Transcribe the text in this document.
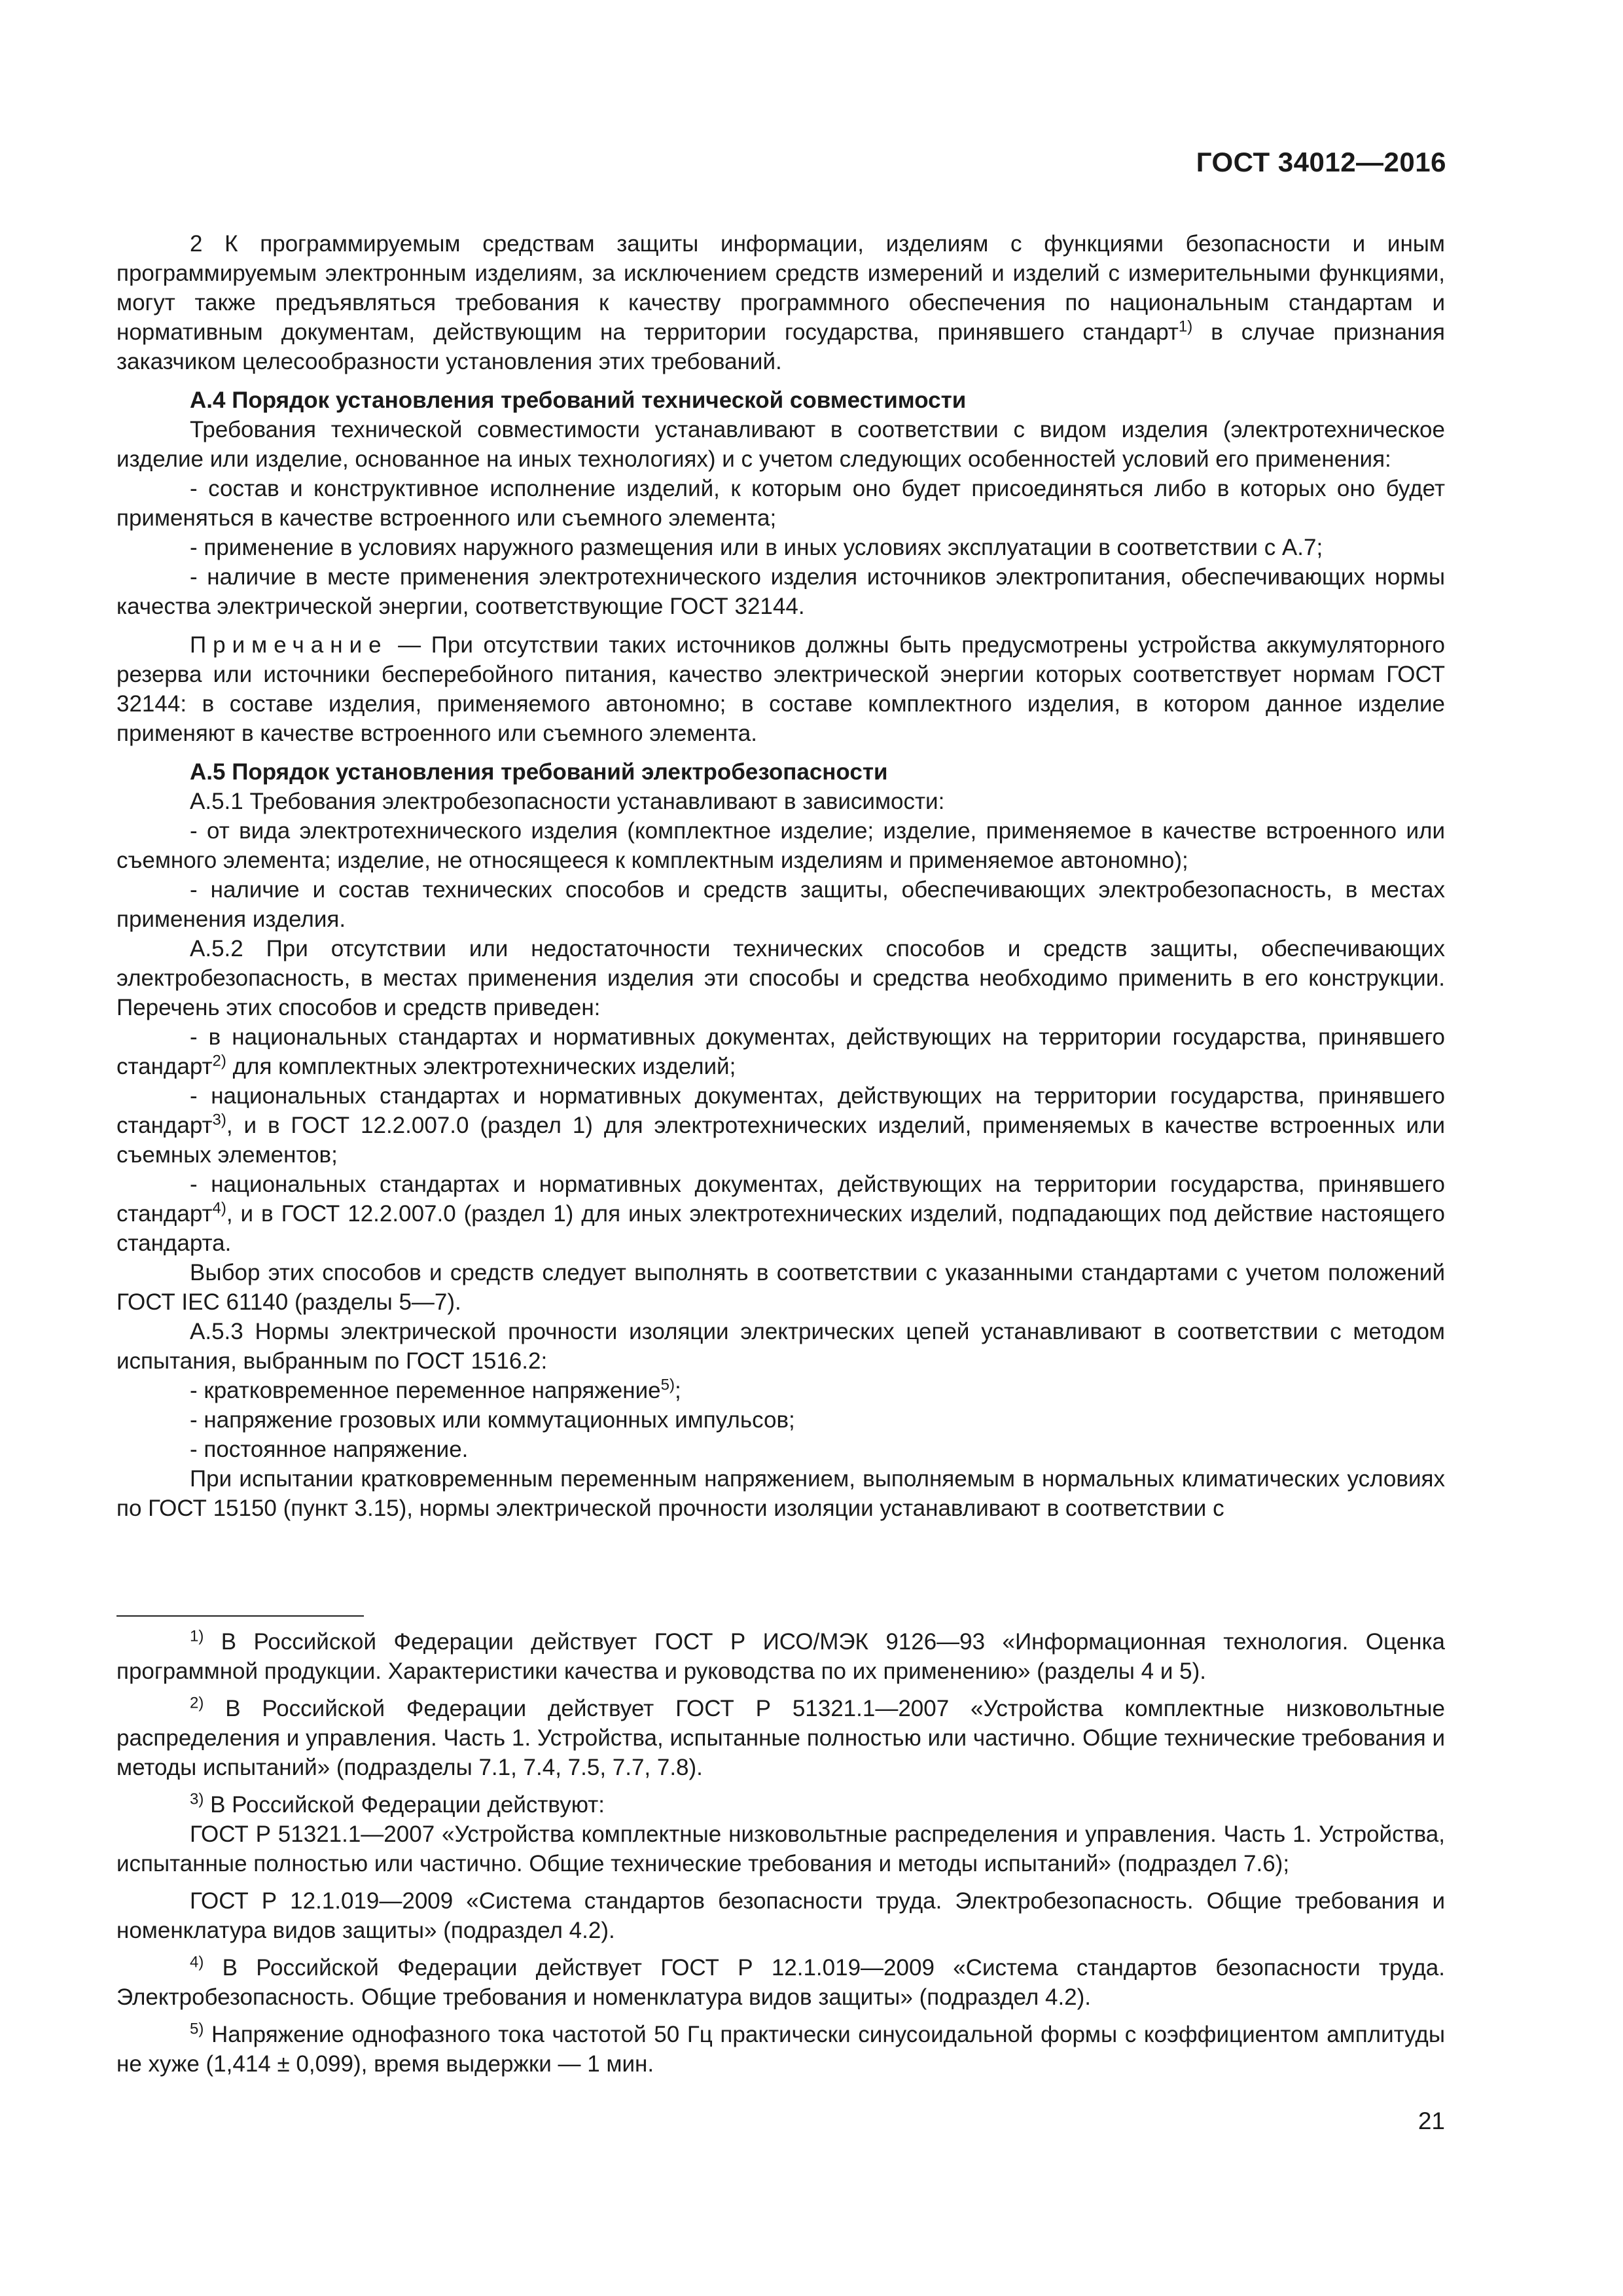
ГОСТ 34012—2016

2 К программируемым средствам защиты информации, изделиям с функциями безопасности и иным программируемым электронным изделиям, за исключением средств измерений и изделий с измерительными функциями, могут также предъявляться требования к качеству программного обеспечения по национальным стандартам и нормативным документам, действующим на территории государства, принявшего стандарт$^{1)}$ в случае признания заказчиком целесообразности установления этих требований.

А.4 Порядок установления требований технической совместимости

Требования технической совместимости устанавливают в соответствии с видом изделия (электротехническое изделие или изделие, основанное на иных технологиях) и с учетом следующих особенностей условий его применения:

- состав и конструктивное исполнение изделий, к которым оно будет присоединяться либо в которых оно будет применяться в качестве встроенного или съемного элемента;

- применение в условиях наружного размещения или в иных условиях эксплуатации в соответствии с А.7;

- наличие в месте применения электротехнического изделия источников электропитания, обеспечивающих нормы качества электрической энергии, соответствующие ГОСТ 32144.

Примечание — При отсутствии таких источников должны быть предусмотрены устройства аккумуляторного резерва или источники бесперебойного питания, качество электрической энергии которых соответствует нормам ГОСТ 32144: в составе изделия, применяемого автономно; в составе комплектного изделия, в котором данное изделие применяют в качестве встроенного или съемного элемента.

А.5 Порядок установления требований электробезопасности

А.5.1 Требования электробезопасности устанавливают в зависимости:

- от вида электротехнического изделия (комплектное изделие; изделие, применяемое в качестве встроенного или съемного элемента; изделие, не относящееся к комплектным изделиям и применяемое автономно);

- наличие и состав технических способов и средств защиты, обеспечивающих электробезопасность, в местах применения изделия.

А.5.2 При отсутствии или недостаточности технических способов и средств защиты, обеспечивающих электробезопасность, в местах применения изделия эти способы и средства необходимо применить в его конструкции. Перечень этих способов и средств приведен:

- в национальных стандартах и нормативных документах, действующих на территории государства, принявшего стандарт$^{2)}$ для комплектных электротехнических изделий;

- национальных стандартах и нормативных документах, действующих на территории государства, принявшего стандарт$^{3)}$, и в ГОСТ 12.2.007.0 (раздел 1) для электротехнических изделий, применяемых в качестве встроенных или съемных элементов;

- национальных стандартах и нормативных документах, действующих на территории государства, принявшего стандарт$^{4)}$, и в ГОСТ 12.2.007.0 (раздел 1) для иных электротехнических изделий, подпадающих под действие настоящего стандарта.

Выбор этих способов и средств следует выполнять в соответствии с указанными стандартами с учетом положений ГОСТ IEC 61140 (разделы 5—7).

А.5.3 Нормы электрической прочности изоляции электрических цепей устанавливают в соответствии с методом испытания, выбранным по ГОСТ 1516.2:

- кратковременное переменное напряжение$^{5)}$;

- напряжение грозовых или коммутационных импульсов;

- постоянное напряжение.

При испытании кратковременным переменным напряжением, выполняемым в нормальных климатических условиях по ГОСТ 15150 (пункт 3.15), нормы электрической прочности изоляции устанавливают в соответствии с

$^{1)}$ В Российской Федерации действует ГОСТ Р ИСО/МЭК 9126—93 «Информационная технология. Оценка программной продукции. Характеристики качества и руководства по их применению» (разделы 4 и 5).

$^{2)}$ В Российской Федерации действует ГОСТ Р 51321.1—2007 «Устройства комплектные низковольтные распределения и управления. Часть 1. Устройства, испытанные полностью или частично. Общие технические требования и методы испытаний» (подразделы 7.1, 7.4, 7.5, 7.7, 7.8).

$^{3)}$ В Российской Федерации действуют:

ГОСТ Р 51321.1—2007 «Устройства комплектные низковольтные распределения и управления. Часть 1. Устройства, испытанные полностью или частично. Общие технические требования и методы испытаний» (подраздел 7.6);

ГОСТ Р 12.1.019—2009 «Система стандартов безопасности труда. Электробезопасность. Общие требования и номенклатура видов защиты» (подраздел 4.2).

$^{4)}$ В Российской Федерации действует ГОСТ Р 12.1.019—2009 «Система стандартов безопасности труда. Электробезопасность. Общие требования и номенклатура видов защиты» (подраздел 4.2).

$^{5)}$ Напряжение однофазного тока частотой 50 Гц практически синусоидальной формы с коэффициентом амплитуды не хуже (1,414 ± 0,099), время выдержки — 1 мин.

21
